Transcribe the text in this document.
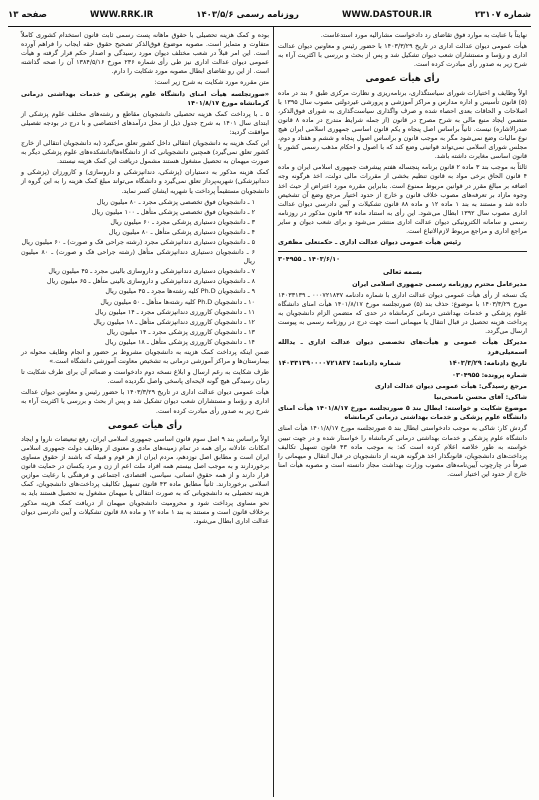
شماره ۲۳۱۰۷
WWW.DASTOUR.IR
روزنامه رسمی ۱۴۰۳/۵/۶
WWW.RRK.IR
صفحه ۱۳

نهایتاً با عنایت به موارد فوق تقاضای رد دادخواست مشارالیه مورد استدعاست.

هیأت عمومی دیوان عدالت اداری در تاریخ ۱۴۰۳/۳/۲۹ با حضور رئیس و معاونین دیوان عدالت اداری و رؤسا و مستشاران شعب دیوان تشکیل شد و پس از بحث و بررسی با اکثریت آراء به شرح زیر به صدور رأی مبادرت کرده است.

رأی هیأت عمومی

اولاً وظایف و اختیارات شورای سیاستگذاری، برنامه‌ریزی و نظارت مرکزی طبق ۶ بند در ماده (۵) قانون تأسیس و اداره مدارس و مراکز آموزشی و پرورشی غیردولتی مصوب سال ۱۳۹۵ با اصلاحات و الحاقات بعدی احصاء شده و صرف واگذاری سیاست‌گذاری به شورای فوق‌الذکر، متضمن ایجاد منبع مالی به شرح مصرح در قانون (از جمله شرایط مندرج در ماده ۸ قانون صدرالاشاره) نیست. ثانیاً براساس اصل پنجاه و یکم قانون اساسی جمهوری اسلامی ایران هیچ نوع مالیات وضع نمی‌شود مگر به موجب قانون و براساس اصول پنجاه و ششم و هفتاد و دوم، مجلس شورای اسلامی نمی‌تواند قوانینی وضع کند که با اصول و احکام مذهب رسمی کشور یا قانون اساسی مغایرت داشته باشد.

ثالثاً به موجب بند ۳ ماده ۲ قانون برنامه پنجساله هفتم پیشرفت جمهوری اسلامی ایران و ماده ۴ قانون الحاق برخی مواد به قانون تنظیم بخشی از مقررات مالی دولت، اخذ هرگونه وجه اضافه بر مبالغ مقرر در قوانین مربوط ممنوع است. بنابراین مقرره مورد اعتراض از حیث اخذ وجوه مازاد بر تعرفه‌های مصوب خلاف قانون و خارج از حدود اختیار مرجع وضع آن تشخیص داده شد و مستند به بند ۱ ماده ۱۲ و ماده ۸۸ قانون تشکیلات و آیین دادرسی دیوان عدالت اداری مصوب سال ۱۳۹۲ ابطال می‌شود. این رأی به استناد ماده ۹۳ قانون مذکور در روزنامه رسمی و سامانه الکترونیکی دیوان عدالت اداری منتشر می‌شود و برای شعب دیوان و سایر مراجع اداری و مراجع مربوط لازم‌الاتباع است.

رئیس هیأت عمومی دیوان عدالت اداری ـ حکمتعلی مظفری
۱۴۰۳/۶/۱۰ ـ ۳۰۴۹۵۵
بسمه تعالی

مدیرعامل محترم روزنامه رسمی جمهوری اسلامی ایران

یک نسخه از رأی هیأت عمومی دیوان عدالت اداری با شماره دادنامه ۰۰۰۷۲۱۸۳۷ ـ ۱۴۰۳۳۱۳۹ مورخ ۱۴۰۳/۳/۲۹ با موضوع: حذف بند (۵) صورتجلسه مورخ ۱۴۰۱/۸/۱۷ هیأت امنای دانشگاه علوم پزشکی و خدمات بهداشتی درمانی کرمانشاه در حدی که متضمن الزام دانشجویان به پرداخت هزینه تحصیل در قبال انتقال یا میهمانی است جهت درج در روزنامه رسمی به پیوست ارسال می‌گردد.

مدیرکل هیأت عمومی و هیأت‌های تخصصی دیوان عدالت اداری ـ یدالله اسمعیلی‌فرد

تاریخ دادنامه: ۱۴۰۳/۳/۲۹
شماره دادنامه: ۱۴۰۳۳۱۳۹۰۰۰۰۷۲۱۸۳۷

شماره پرونده: ۰۳۰۴۹۵۵

مرجع رسیدگی: هیأت عمومی دیوان عدالت اداری

شاکی: آقای محسن ناصحی‌نیا

موضوع شکایت و خواسته: ابطال بند ۵ صورتجلسه مورخ ۱۴۰۱/۸/۱۷ هیأت امنای دانشگاه علوم پزشکی و خدمات بهداشتی درمانی کرمانشاه

گردش کار: شاکی به موجب دادخواستی ابطال بند ۵ صورتجلسه مورخ ۱۴۰۱/۸/۱۷ هیأت امنای دانشگاه علوم پزشکی و خدمات بهداشتی درمانی کرمانشاه را خواستار شده و در جهت تبیین خواسته به طور خلاصه اعلام کرده است که: به موجب ماده ۴۳ قانون تسهیل تکالیف پرداخت‌های دانشجویان، قانونگذار اخذ هرگونه هزینه از دانشجویان در قبال انتقال و میهمانی را صرفاً در چارچوب آیین‌نامه‌های مصوب وزارت بهداشت مجاز دانسته است و مصوبه هیأت امنا خارج از حدود این اختیار است.

بوده و کمک هزینه تحصیلی با حقوق ماهانه پست رسمی ثابت قانون استخدام کشوری کاملاً متفاوت و متمایز است. مصوبه موضوع فوق‌الذکر تصحیح حقوق حقه ایجاب را فراهم آورده است. این امر قبلاً در شعب مختلف دیوان مورد رسیدگی و اصدار حکم قرار گرفته و هیأت عمومی دیوان عدالت اداری نیز طی رأی شماره ۲۳۶ مورخ ۱۳۸۴/۵/۱۶ آن را صحه گذاشته است. از این رو تقاضای ابطال مصوبه مورد شکایت را دارم.

متن مقرره مورد شکایت به شرح زیر است:

«صورتجلسه هیأت امنای دانشگاه علوم پزشکی و خدمات بهداشتی درمانی کرمانشاه مورخ ۱۴۰۱/۸/۱۷

۵ ـ با پرداخت کمک هزینه تحصیلی دانشجویان مقاطع و رشته‌های مختلف علوم پزشکی از ابتدای سال ۱۴۰۱ به شرح جدول ذیل از محل درآمدهای اختصاصی و با درج در بودجه تفصیلی موافقت گردید:

این کمک هزینه به دانشجویان انتقالی داخل کشور تعلق می‌گیرد (به دانشجویان انتقالی از خارج کشور تعلق نمی‌گیرد) همچنین دانشجویانی که از دانشگاه‌ها/دانشکده‌های علوم پزشکی دیگر به صورت میهمان به تحصیل مشغول هستند مشمول دریافت این کمک هزینه نیستند.

کمک هزینه مذکور به دستیاران (پزشکی، دندانپزشکی و داروسازی) و کارورزان (پزشکی و دندانپزشکی) شهریه‌پرداز تعلق نمی‌گیرد و دانشگاه می‌تواند مبلغ کمک هزینه را به این گروه از دانشجویان مستقیماً پرداخت یا شهریه ایشان کسر نماید.

۱ ـ دانشجویان فوق تخصصی پزشکی مجرد ـ ۸۰ میلیون ریال

۲ ـ دانشجویان فوق تخصصی پزشکی متأهل ـ ۱۰۰ میلیون ریال

۳ ـ دانشجویان دستیاری پزشکی مجرد ـ ۶۰ میلیون ریال

۴ ـ دانشجویان دستیاری پزشکی متأهل ـ ۸۰ میلیون ریال

۵ ـ دانشجویان دستیاری دندانپزشکی مجرد (رشته جراحی فک و صورت) ـ ۶۰ میلیون ریال

۶ ـ دانشجویان دستیاری دندانپزشکی متأهل (رشته جراحی فک و صورت) ـ ۸۰ میلیون ریال

۷ ـ دانشجویان دستیاری دندانپزشکی و داروسازی بالینی مجرد ـ ۴۵ میلیون ریال

۸ ـ دانشجویان دستیاری دندانپزشکی و داروسازی بالینی متأهل ـ ۶۵ میلیون ریال

۹ ـ دانشجویان Ph.D کلیه رشته‌ها مجرد ـ ۴۵ میلیون ریال

۱۰ ـ دانشجویان Ph.D کلیه رشته‌ها متأهل ـ ۵۰ میلیون ریال

۱۱ ـ دانشجویان کارورزی دندانپزشکی مجرد ـ ۱۴ میلیون ریال

۱۲ ـ دانشجویان کارورزی دندانپزشکی متأهل ـ ۱۸ میلیون ریال

۱۳ ـ دانشجویان کارورزی پزشکی مجرد ـ ۱۴ میلیون ریال

۱۴ ـ دانشجویان کارورزی پزشکی متأهل ـ ۱۸ میلیون ریال

ضمن اینکه پرداخت کمک هزینه به دانشجویان مشروط بر حضور و انجام وظایف محوله در بیمارستان‌ها و مراکز آموزشی درمانی به تشخیص معاونت آموزشی دانشگاه است.»

طرف شکایت به رغم ارسال و ابلاغ نسخه دوم دادخواست و ضمائم آن برای طرف شکایت تا زمان رسیدگی هیچ گونه لایحه‌ای پاسخی واصل نگردیده است.

هیأت عمومی دیوان عدالت اداری در تاریخ ۱۴۰۳/۳/۲۹ با حضور رئیس و معاونین دیوان عدالت اداری و رؤسا و مستشاران شعب دیوان تشکیل شد و پس از بحث و بررسی با اکثریت آراء به شرح زیر به صدور رأی مبادرت کرده است.

رأی هیأت عمومی

اولاً براساس بند ۹ اصل سوم قانون اساسی جمهوری اسلامی ایران، رفع تبعیضات ناروا و ایجاد امکانات عادلانه برای همه در تمام زمینه‌های مادی و معنوی از وظایف دولت جمهوری اسلامی ایران است و مطابق اصل نوزدهم، مردم ایران از هر قوم و قبیله که باشند از حقوق مساوی برخوردارند و به موجب اصل بیستم همه افراد ملت اعم از زن و مرد یکسان در حمایت قانون قرار دارند و از همه حقوق انسانی، سیاسی، اقتصادی، اجتماعی و فرهنگی با رعایت موازین اسلامی برخوردارند. ثانیاً مطابق ماده ۴۳ قانون تسهیل تکالیف پرداخت‌های دانشجویان، کمک هزینه تحصیلی به دانشجویانی که به صورت انتقالی یا میهمان مشغول به تحصیل هستند باید به نحو مساوی پرداخت شود و محرومیت دانشجویان میهمان از دریافت کمک هزینه مذکور برخلاف قانون است و مستند به بند ۱ ماده ۱۲ و ماده ۸۸ قانون تشکیلات و آیین دادرسی دیوان عدالت اداری ابطال می‌شود.
